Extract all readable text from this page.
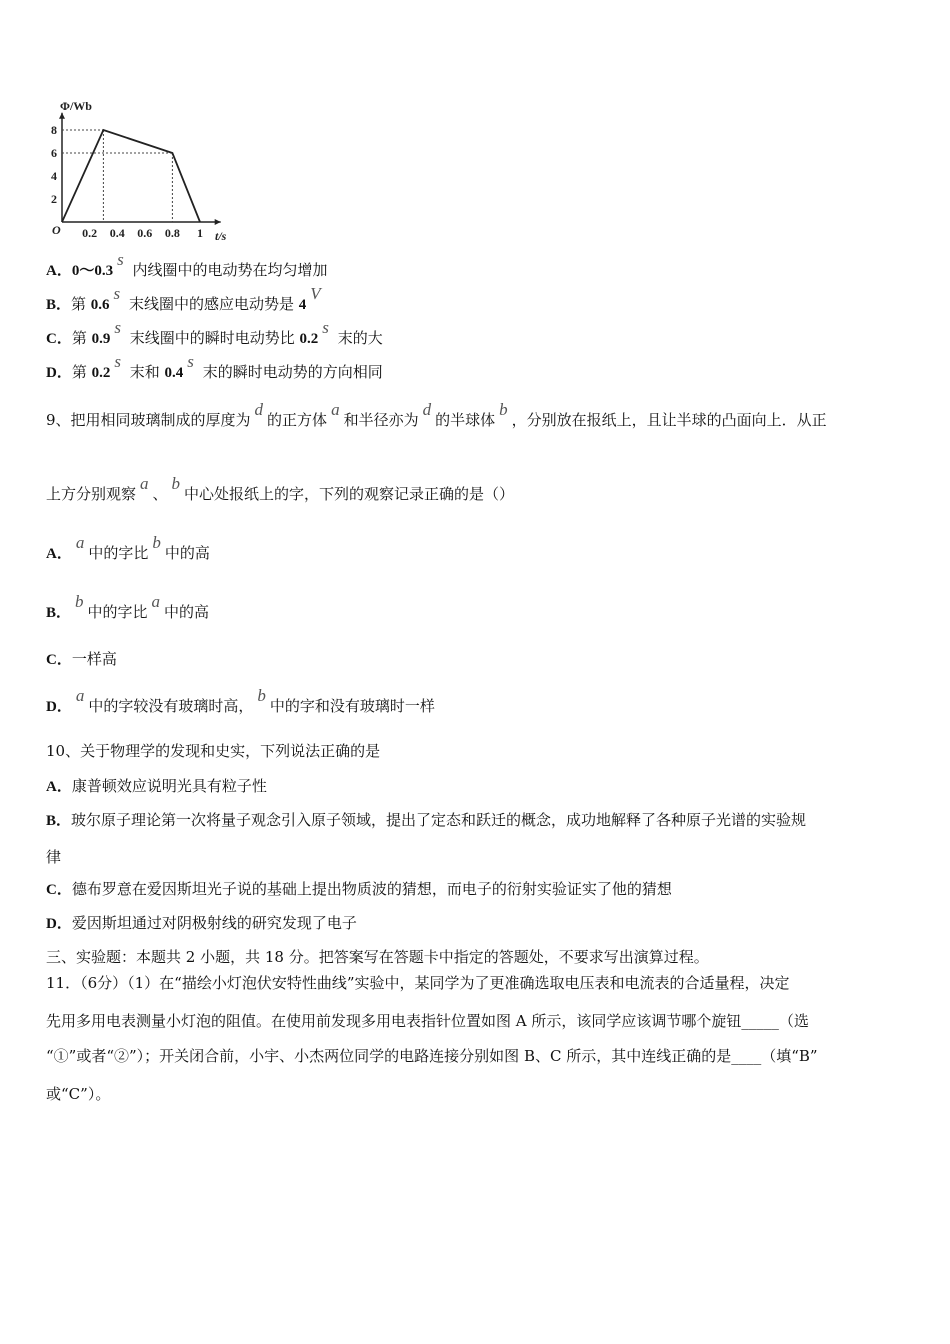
0.2 0.4 0.6 0.8 1
2
4
6
8
Φ/Wb
t/s
O
A．0～0.3s 内线圈中的电动势在均匀增加
B．第 0.6s 末线圈中的感应电动势是 4V
C．第 0.9s 末线圈中的瞬时电动势比 0.2s 末的大
D．第 0.2s 末和 0.4s 末的瞬时电动势的方向相同
9、把用相同玻璃制成的厚度为d的正方体a和半径亦为d的半球体b，分别放在报纸上，且让半球的凸面向上．从正
上方分别观察a、b中心处报纸上的字，下列的观察记录正确的是（）
A．a中的字比b中的高
B．b中的字比a中的高
C．一样高
D．a中的字较没有玻璃时高，b中的字和没有玻璃时一样
10、关于物理学的发现和史实，下列说法正确的是
A．康普顿效应说明光具有粒子性
B．玻尔原子理论第一次将量子观念引入原子领域，提出了定态和跃迁的概念，成功地解释了各种原子光谱的实验规
律
C．德布罗意在爱因斯坦光子说的基础上提出物质波的猜想，而电子的衍射实验证实了他的猜想
D．爱因斯坦通过对阴极射线的研究发现了电子
三、实验题：本题共 2 小题，共 18 分。把答案写在答题卡中指定的答题处，不要求写出演算过程。
11．（6分）（1）在“描绘小灯泡伏安特性曲线”实验中，某同学为了更准确选取电压表和电流表的合适量程，决定
先用多用电表测量小灯泡的阻值。在使用前发现多用电表指针位置如图 A 所示，该同学应该调节哪个旋钮_____（选
“①”或者“②”）；开关闭合前，小宇、小杰两位同学的电路连接分别如图 B、C 所示，其中连线正确的是____（填“B”
或“C”）。
